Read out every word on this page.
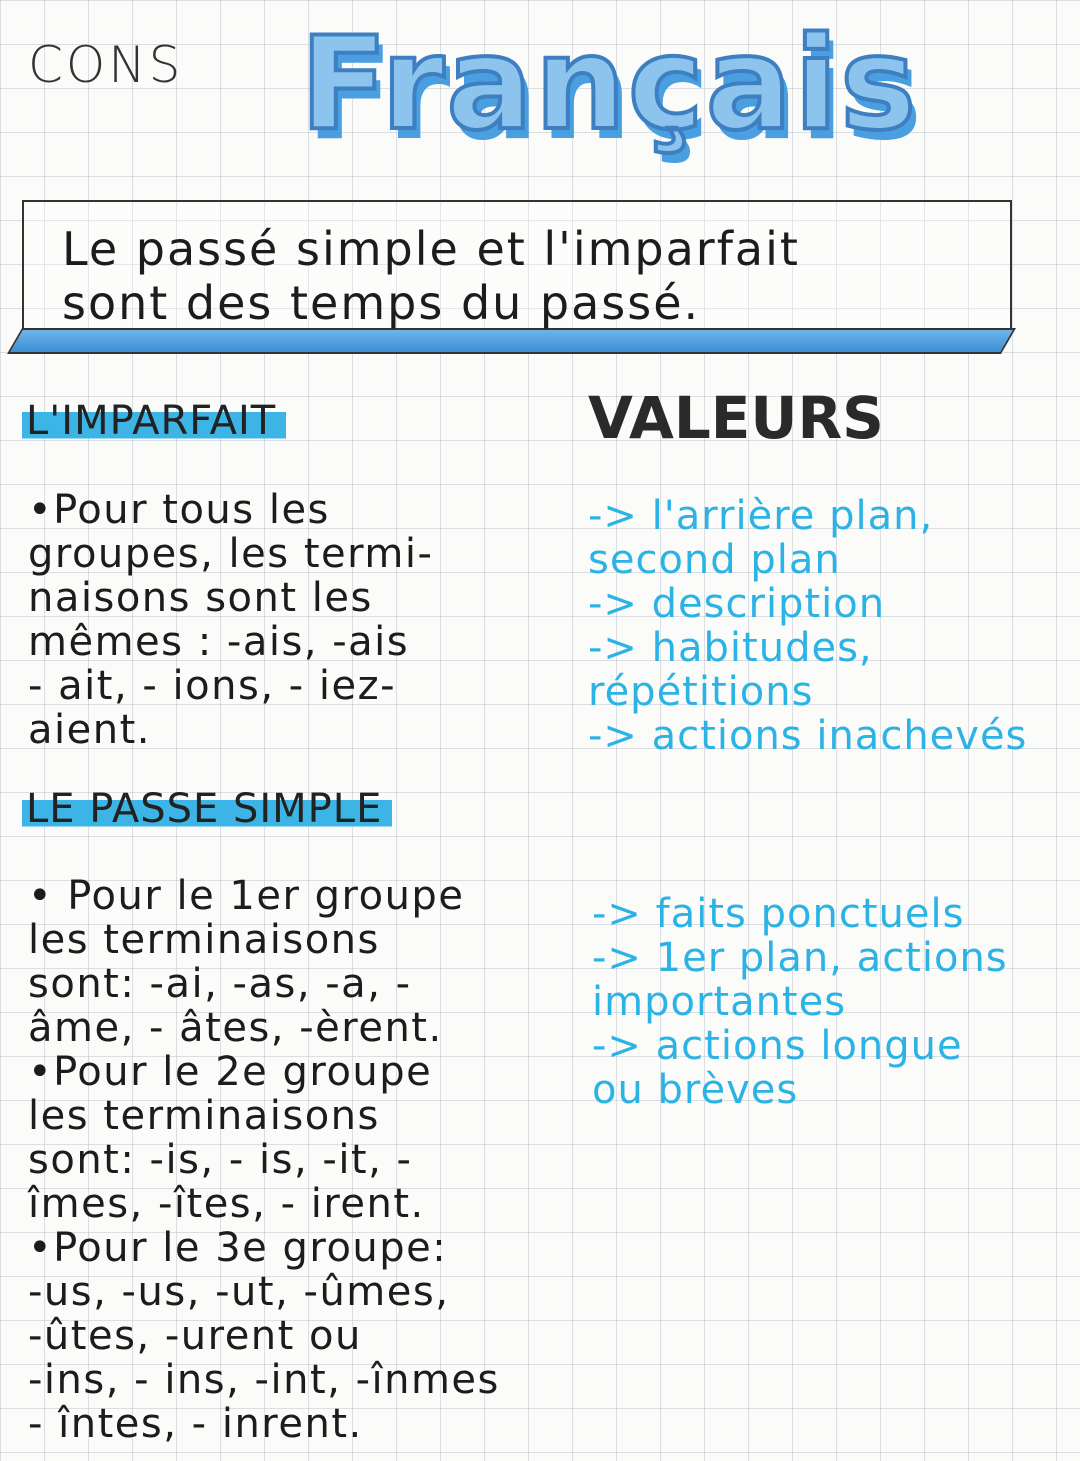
CONS Français
Le passé simple et l'imparfait
sont des temps du passé.
L'IMPARFAIT	VALEURS
•Pour tous les
groupes, les termi-
naisons sont les
mêmes : -ais, -ais
- ait, - ions, - iez-
aient.
-> l'arrière plan,
second plan
-> description
-> habitudes,
répétitions
-> actions inachevés
LE PASSE SIMPLE
• Pour le 1er groupe
les terminaisons
sont: -ai, -as, -a, -
âme, - âtes, -èrent.
•Pour le 2e groupe
les terminaisons
sont: -is, - is, -it, -
îmes, -îtes, - irent.
•Pour le 3e groupe:
-us, -us, -ut, -ûmes,
-ûtes, -urent ou
-ins, - ins, -int, -înmes
- întes, - inrent.
-> faits ponctuels
-> 1er plan, actions
importantes
-> actions longue
ou brèves
